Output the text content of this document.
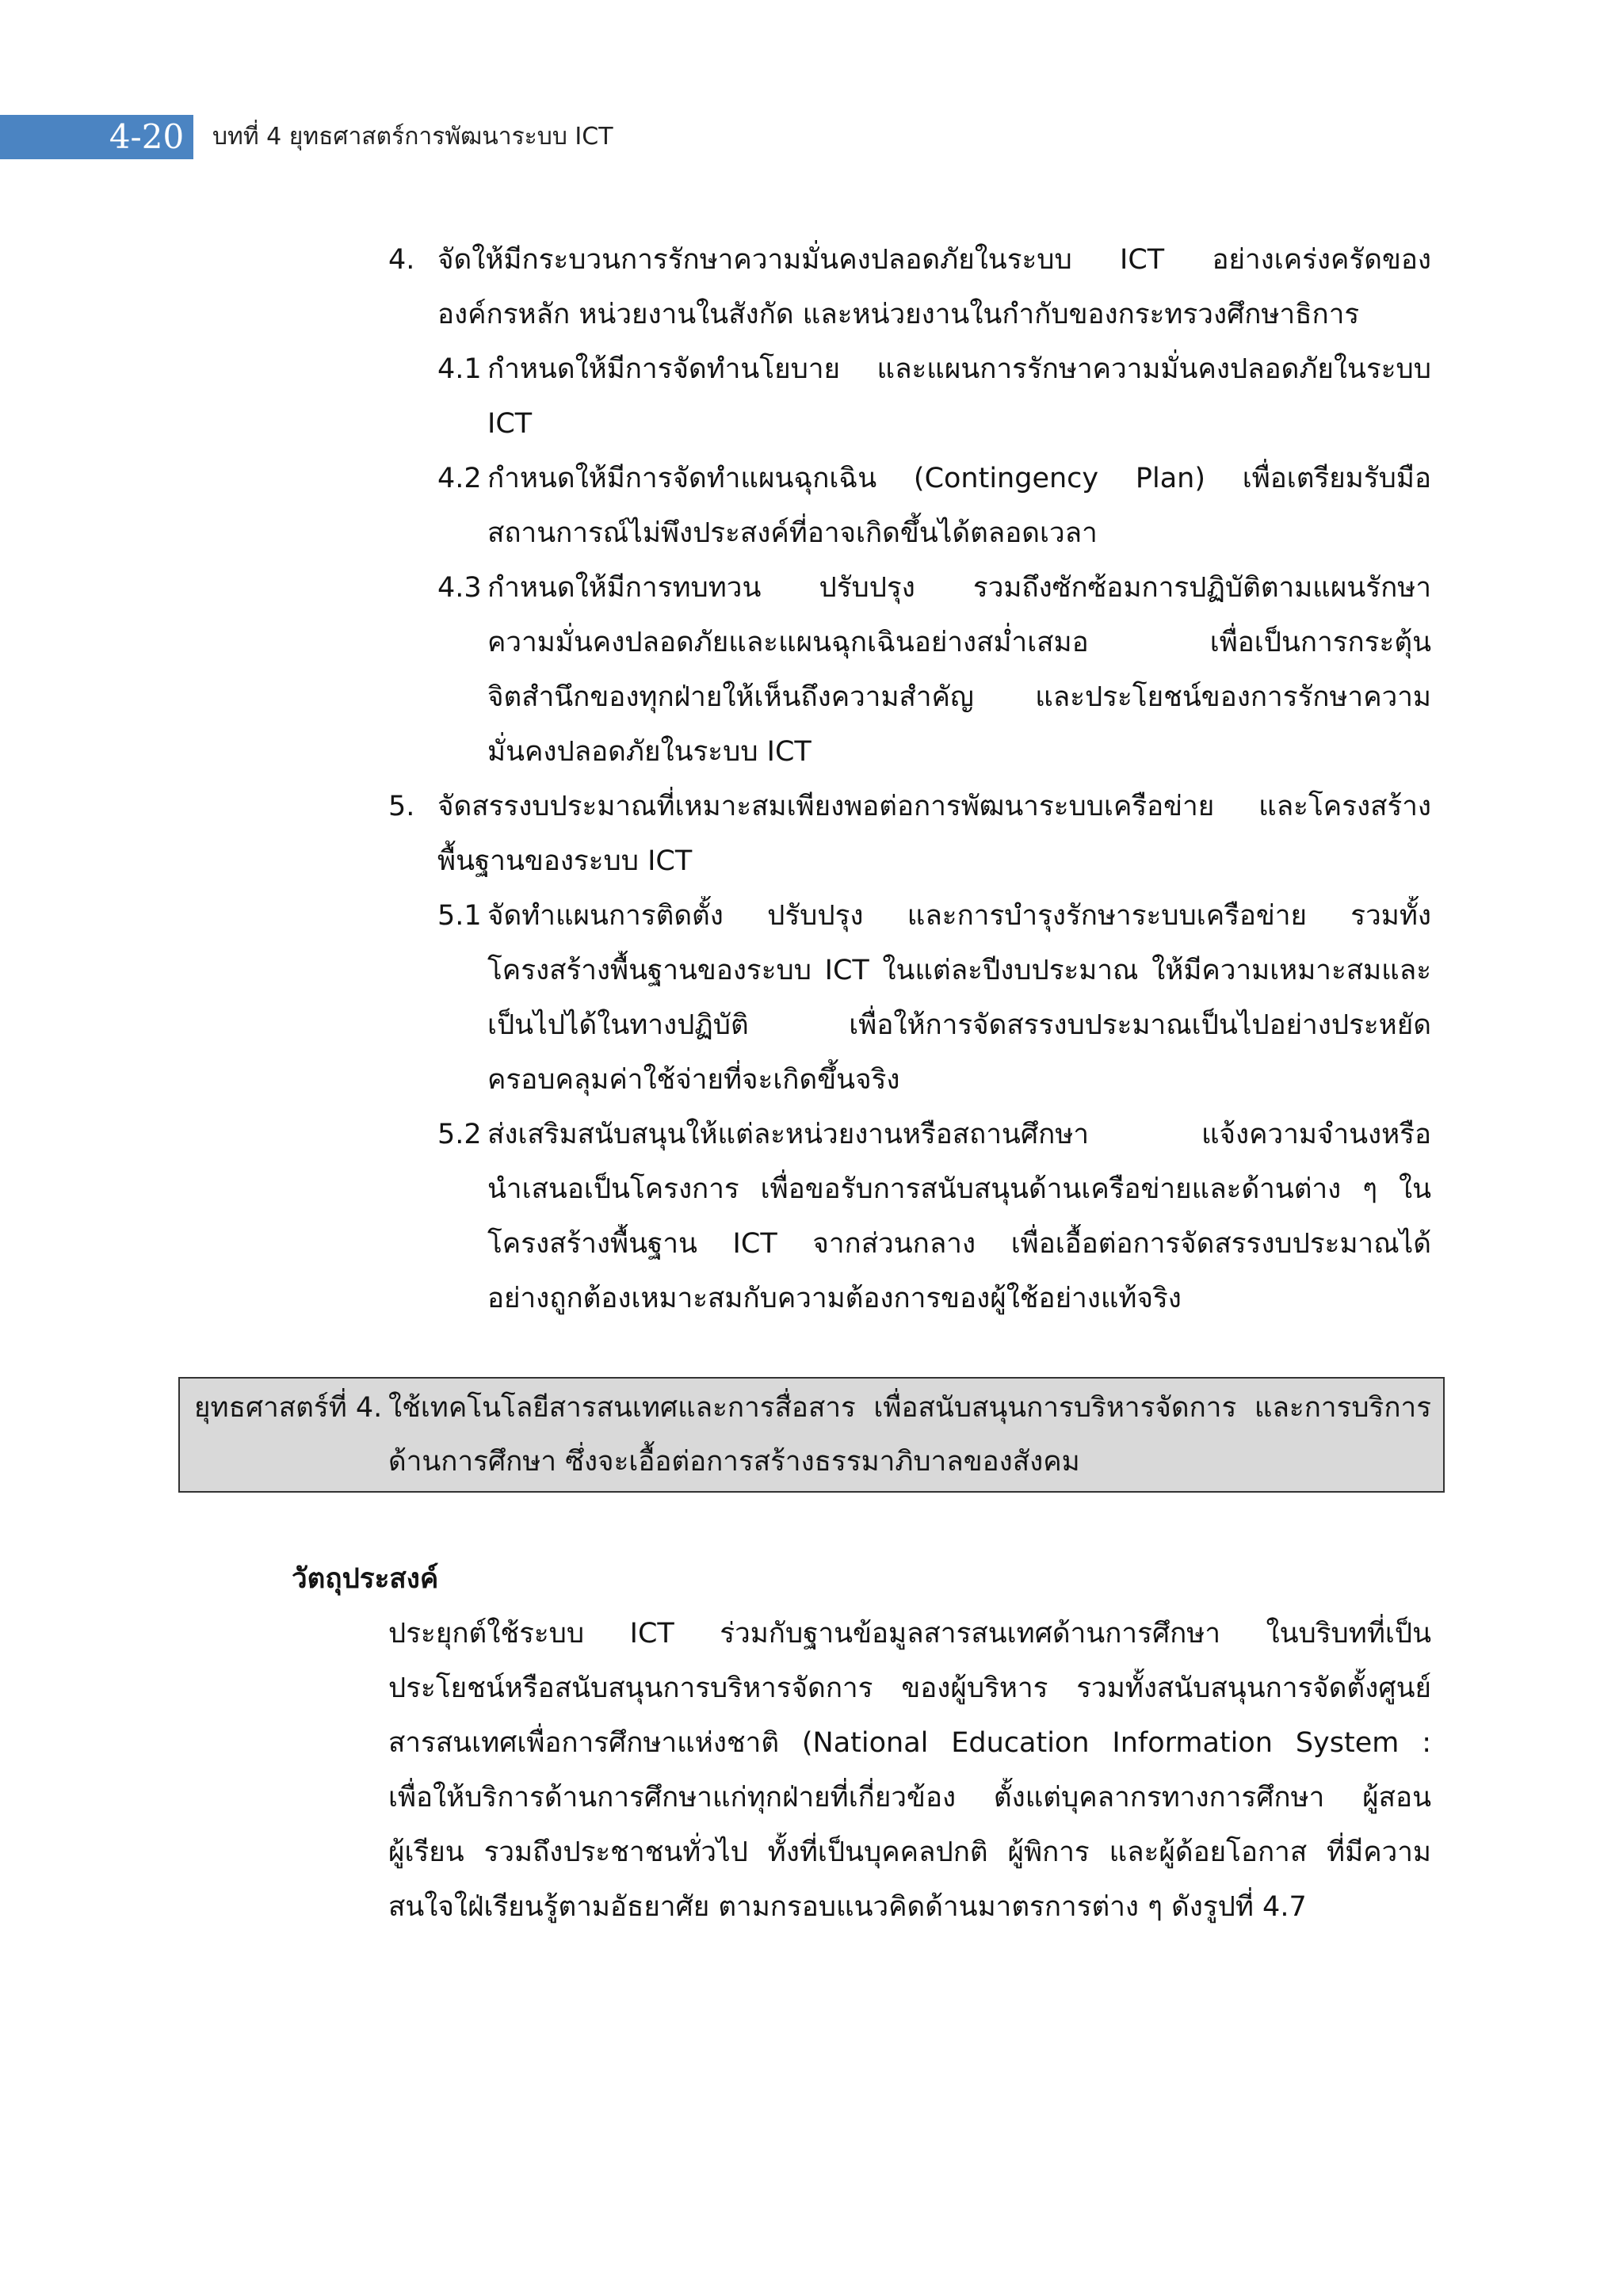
4-20	บทที่ 4 ยุทธศาสตร์การพัฒนาระบบ ICT
4. จัดให้มีกระบวนการรักษาความมั่นคงปลอดภัยในระบบ ICT อย่างเคร่งครัดของ
องค์กรหลัก หน่วยงานในสังกัด และหน่วยงานในกำกับของกระทรวงศึกษาธิการ
4.1 กำหนดให้มีการจัดทำนโยบาย และแผนการรักษาความมั่นคงปลอดภัยในระบบ
ICT
4.2 กำหนดให้มีการจัดทำแผนฉุกเฉิน (Contingency Plan) เพื่อเตรียมรับมือ
สถานการณ์ไม่พึงประสงค์ที่อาจเกิดขึ้นได้ตลอดเวลา
4.3 กำหนดให้มีการทบทวน ปรับปรุง รวมถึงซักซ้อมการปฏิบัติตามแผนรักษา
ความมั่นคงปลอดภัยและแผนฉุกเฉินอย่างสม่ำเสมอ เพื่อเป็นการกระตุ้น
จิตสำนึกของทุกฝ่ายให้เห็นถึงความสำคัญ และประโยชน์ของการรักษาความ
มั่นคงปลอดภัยในระบบ ICT
5. จัดสรรงบประมาณที่เหมาะสมเพียงพอต่อการพัฒนาระบบเครือข่าย และโครงสร้าง
พื้นฐานของระบบ ICT
5.1 จัดทำแผนการติดตั้ง ปรับปรุง และการบำรุงรักษาระบบเครือข่าย รวมทั้ง
โครงสร้างพื้นฐานของระบบ ICT ในแต่ละปีงบประมาณ ให้มีความเหมาะสมและ
เป็นไปได้ในทางปฏิบัติ เพื่อให้การจัดสรรงบประมาณเป็นไปอย่างประหยัด
ครอบคลุมค่าใช้จ่ายที่จะเกิดขึ้นจริง
5.2 ส่งเสริมสนับสนุนให้แต่ละหน่วยงานหรือสถานศึกษา แจ้งความจำนงหรือ
นำเสนอเป็นโครงการ เพื่อขอรับการสนับสนุนด้านเครือข่ายและด้านต่าง ๆ ใน
โครงสร้างพื้นฐาน ICT จากส่วนกลาง เพื่อเอื้อต่อการจัดสรรงบประมาณได้
อย่างถูกต้องเหมาะสมกับความต้องการของผู้ใช้อย่างแท้จริง
ยุทธศาสตร์ที่ 4. ใช้เทคโนโลยีสารสนเทศและการสื่อสาร เพื่อสนับสนุนการบริหารจัดการ และการบริการ
ด้านการศึกษา ซึ่งจะเอื้อต่อการสร้างธรรมาภิบาลของสังคม
วัตถุประสงค์
ประยุกต์ใช้ระบบ ICT ร่วมกับฐานข้อมูลสารสนเทศด้านการศึกษา ในบริบทที่เป็น
ประโยชน์หรือสนับสนุนการบริหารจัดการ ของผู้บริหาร รวมทั้งสนับสนุนการจัดตั้งศูนย์
สารสนเทศเพื่อการศึกษาแห่งชาติ (National Education Information System :
เพื่อให้บริการด้านการศึกษาแก่ทุกฝ่ายที่เกี่ยวข้อง ตั้งแต่บุคลากรทางการศึกษา ผู้สอน
ผู้เรียน รวมถึงประชาชนทั่วไป ทั้งที่เป็นบุคคลปกติ ผู้พิการ และผู้ด้อยโอกาส ที่มีความ
สนใจใฝ่เรียนรู้ตามอัธยาศัย ตามกรอบแนวคิดด้านมาตรการต่าง ๆ ดังรูปที่ 4.7
